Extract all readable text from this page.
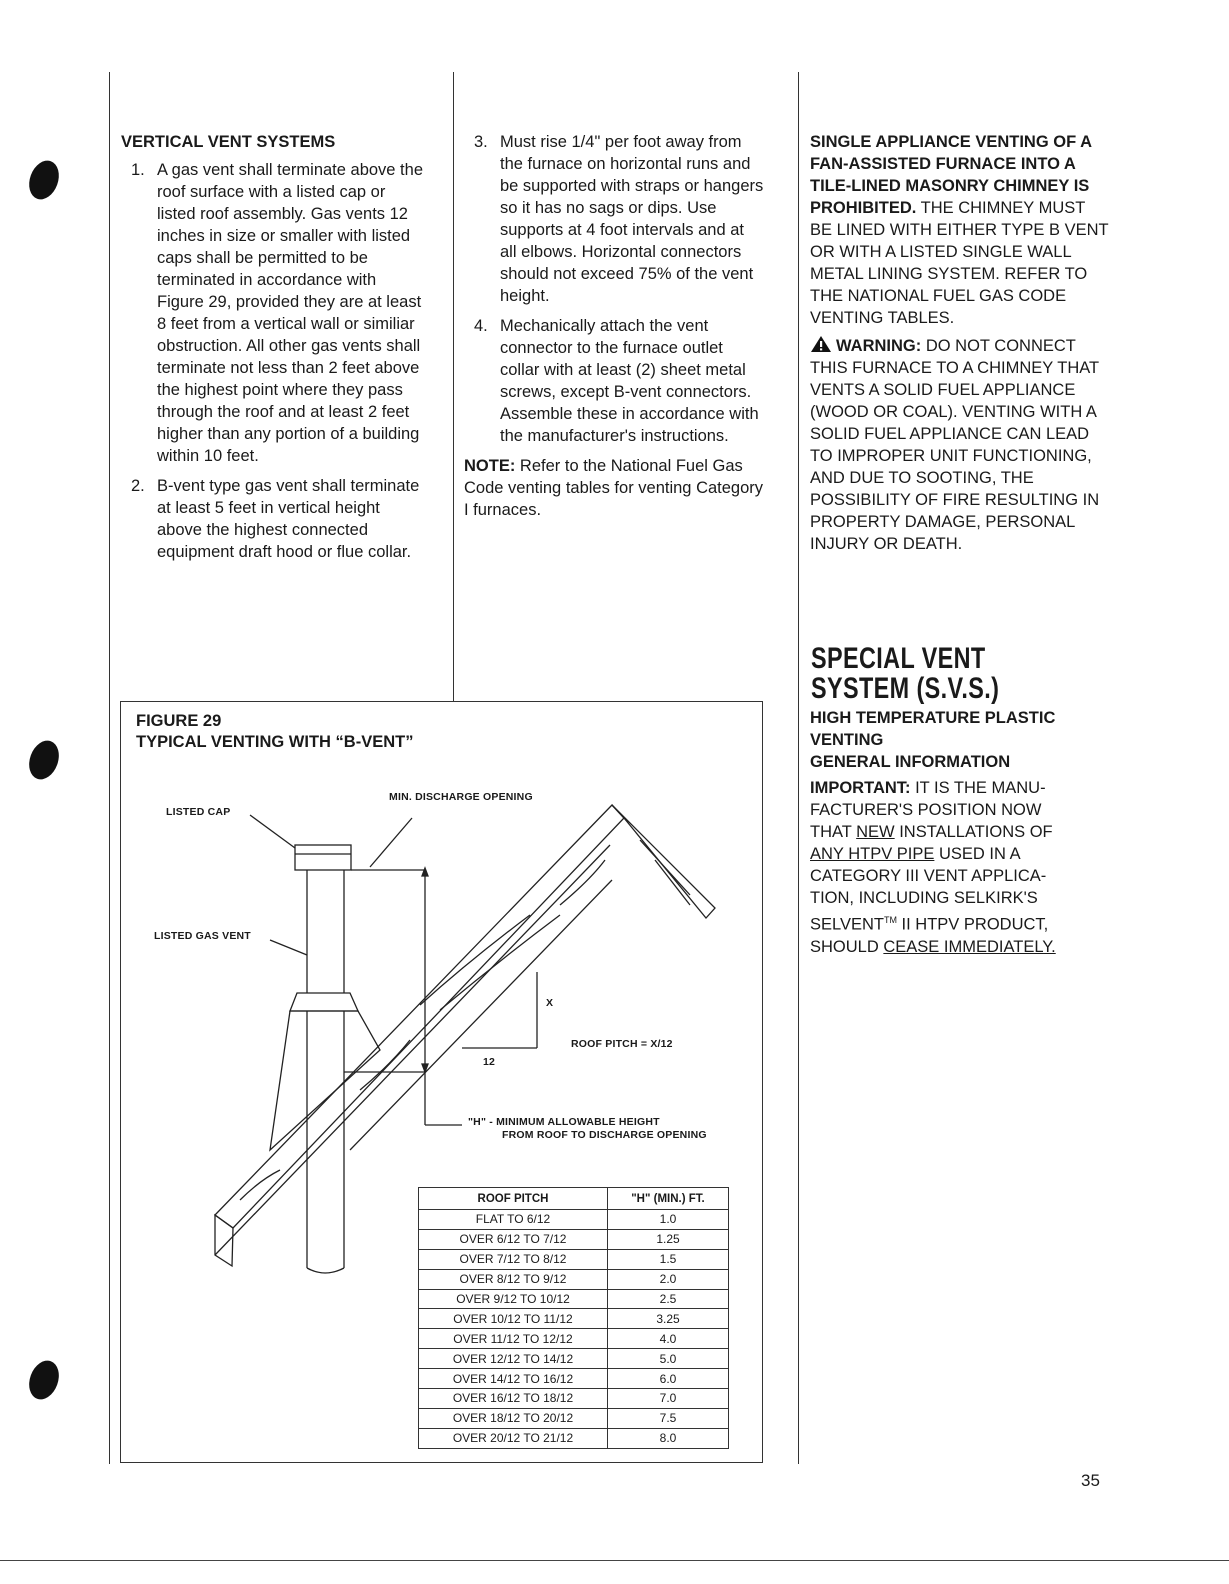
VERTICAL VENT SYSTEMS
1. A gas vent shall terminate above the roof surface with a listed cap or listed roof assembly. Gas vents 12 inches in size or smaller with listed caps shall be permitted to be terminated in accordance with Figure 29, provided they are at least 8 feet from a vertical wall or similiar obstruction. All other gas vents shall terminate not less than 2 feet above the highest point where they pass through the roof and at least 2 feet higher than any portion of a building within 10 feet.
2. B-vent type gas vent shall terminate at least 5 feet in vertical height above the highest connected equipment draft hood or flue collar.
3. Must rise 1/4" per foot away from the furnace on horizontal runs and be supported with straps or hangers so it has no sags or dips. Use supports at 4 foot intervals and at all elbows. Horizontal connectors should not exceed 75% of the vent height.
4. Mechanically attach the vent connector to the furnace outlet collar with at least (2) sheet metal screws, except B-vent connectors. Assemble these in accordance with the manufacturer's instructions.
NOTE: Refer to the National Fuel Gas Code venting tables for venting Category I furnaces.
SINGLE APPLIANCE VENTING OF A FAN-ASSISTED FURNACE INTO A TILE-LINED MASONRY CHIMNEY IS PROHIBITED. THE CHIMNEY MUST BE LINED WITH EITHER TYPE B VENT OR WITH A LISTED SINGLE WALL METAL LINING SYSTEM. REFER TO THE NATIONAL FUEL GAS CODE VENTING TABLES.
WARNING: DO NOT CONNECT THIS FURNACE TO A CHIMNEY THAT VENTS A SOLID FUEL APPLIANCE (WOOD OR COAL). VENTING WITH A SOLID FUEL APPLIANCE CAN LEAD TO IMPROPER UNIT FUNCTIONING, AND DUE TO SOOTING, THE POSSIBILITY OF FIRE RESULTING IN PROPERTY DAMAGE, PERSONAL INJURY OR DEATH.
SPECIAL VENT
SYSTEM (S.V.S.)
HIGH TEMPERATURE PLASTIC VENTING
GENERAL INFORMATION
IMPORTANT: IT IS THE MANU-FACTURER'S POSITION NOW THAT NEW INSTALLATIONS OF ANY HTPV PIPE USED IN A CATEGORY III VENT APPLICA-TION, INCLUDING SELKIRK'S SELVENT™ II HTPV PRODUCT, SHOULD CEASE IMMEDIATELY.
FIGURE 29
TYPICAL VENTING WITH “B-VENT”
LISTED CAP
MIN. DISCHARGE OPENING
LISTED GAS VENT
X
12
ROOF PITCH = X/12
"H" - MINIMUM ALLOWABLE HEIGHT
FROM ROOF TO DISCHARGE OPENING
ROOF PITCH	"H" (MIN.) FT.
FLAT TO 6/12	1.0
OVER 6/12 TO 7/12	1.25
OVER 7/12 TO 8/12	1.5
OVER 8/12 TO 9/12	2.0
OVER 9/12 TO 10/12	2.5
OVER 10/12 TO 11/12	3.25
OVER 11/12 TO 12/12	4.0
OVER 12/12 TO 14/12	5.0
OVER 14/12 TO 16/12	6.0
OVER 16/12 TO 18/12	7.0
OVER 18/12 TO 20/12	7.5
OVER 20/12 TO 21/12	8.0
35
